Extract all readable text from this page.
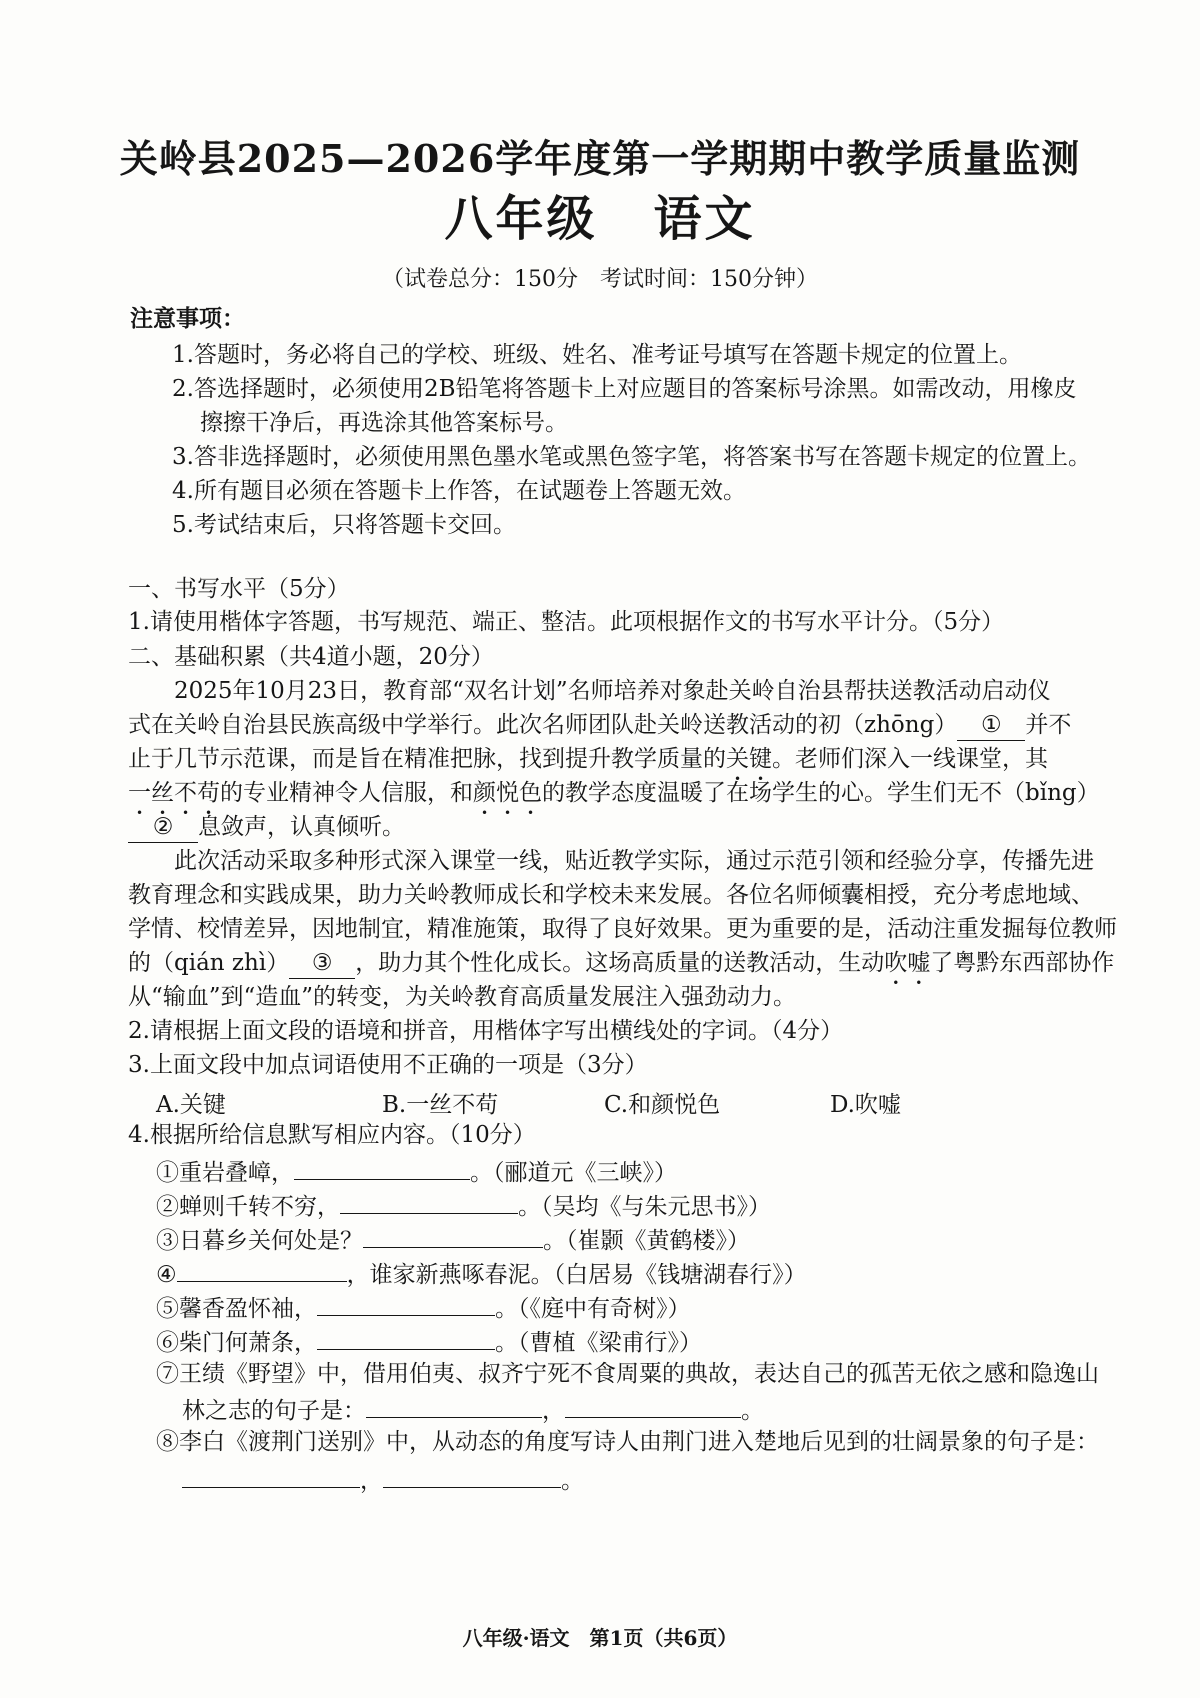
关岭县2025—2026学年度第一学期期中教学质量监测
八年级 语文
（试卷总分：150分　考试时间：150分钟）
注意事项：
1.答题时，务必将自己的学校、班级、姓名、准考证号填写在答题卡规定的位置上。
2.答选择题时，必须使用2B铅笔将答题卡上对应题目的答案标号涂黑。如需改动，用橡皮
擦擦干净后，再选涂其他答案标号。
3.答非选择题时，必须使用黑色墨水笔或黑色签字笔，将答案书写在答题卡规定的位置上。
4.所有题目必须在答题卡上作答，在试题卷上答题无效。
5.考试结束后，只将答题卡交回。
一、书写水平（5分）
1.请使用楷体字答题，书写规范、端正、整洁。此项根据作文的书写水平计分。（5分）
二、基础积累（共4道小题，20分）
2025年10月23日，教育部“双名计划”名师培养对象赴关岭自治县帮扶送教活动启动仪
式在关岭自治县民族高级中学举行。此次名师团队赴关岭送教活动的初（zhōng） ① 并不
止于几节示范课，而是旨在精准把脉，找到提升教学质量的关键。老师们深入一线课堂，其
一丝不苟的专业精神令人信服，和颜悦色的教学态度温暖了在场学生的心。学生们无不（bǐng）
② 息敛声，认真倾听。
此次活动采取多种形式深入课堂一线，贴近教学实际，通过示范引领和经验分享，传播先进
教育理念和实践成果，助力关岭教师成长和学校未来发展。各位名师倾囊相授，充分考虑地域、
学情、校情差异，因地制宜，精准施策，取得了良好效果。更为重要的是，活动注重发掘每位教师
的（qián zhì） ③ ，助力其个性化成长。这场高质量的送教活动，生动吹嘘了粤黔东西部协作
从“输血”到“造血”的转变，为关岭教育高质量发展注入强劲动力。
2.请根据上面文段的语境和拼音，用楷体字写出横线处的字词。（4分）
3.上面文段中加点词语使用不正确的一项是（3分）
A.关键	B.一丝不苟	C.和颜悦色	D.吹嘘
4.根据所给信息默写相应内容。（10分）
①重岩叠嶂，	。（郦道元《三峡》）
②蝉则千转不穷，	。（吴均《与朱元思书》）
③日暮乡关何处是？	。（崔颢《黄鹤楼》）
④	，谁家新燕啄春泥。（白居易《钱塘湖春行》）
⑤馨香盈怀袖，	。（《庭中有奇树》）
⑥柴门何萧条，	。（曹植《梁甫行》）
⑦王绩《野望》中，借用伯夷、叔齐宁死不食周粟的典故，表达自己的孤苦无依之感和隐逸山
林之志的句子是：	，	。
⑧李白《渡荆门送别》中，从动态的角度写诗人由荆门进入楚地后见到的壮阔景象的句子是：
，	。
八年级·语文　第1页（共6页）
